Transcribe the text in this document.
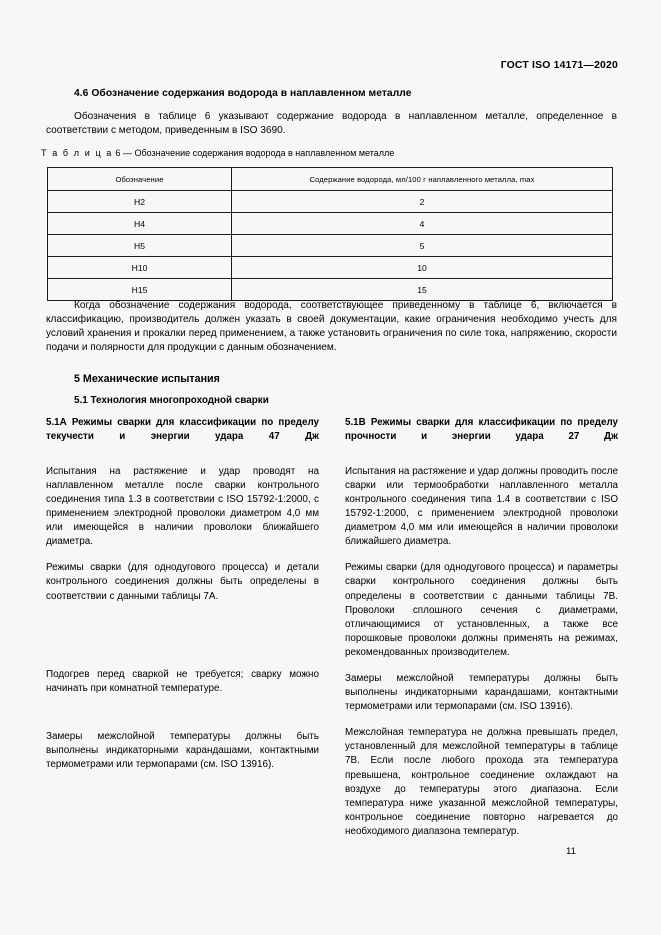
ГОСТ ISO 14171—2020
4.6 Обозначение содержания водорода в наплавленном металле

Обозначения в таблице 6 указывают содержание водорода в наплавленном металле, определенное в соответствии с методом, приведенным в ISO 3690.

Т а б л и ц а 6 — Обозначение содержания водорода в наплавленном металле
Обозначение	Содержание водорода, мл/100 г наплавленного металла, max
H2	2
H4	4
H5	5
H10	10
H15	15

Когда обозначение содержания водорода, соответствующее приведенному в таблице 6, включается в классификацию, производитель должен указать в своей документации, какие ограничения необходимо учесть для условий хранения и прокалки перед применением, а также установить ограничения по силе тока, напряжению, скорости подачи и полярности для продукции с данным обозначением.

5 Механические испытания
5.1 Технология многопроходной сварки

5.1А Режимы сварки для классификации по пределу текучести и энергии удара 47 Дж

Испытания на растяжение и удар проводят на наплавленном металле после сварки контрольного соединения типа 1.3 в соответствии с ISO 15792-1:2000, с применением электродной проволоки диаметром 4,0 мм или имеющейся в наличии проволоки ближайшего диаметра.

Режимы сварки (для однодугового процесса) и детали контрольного соединения должны быть определены в соответствии с данными таблицы 7А.

Подогрев перед сваркой не требуется; сварку можно начинать при комнатной температуре.

Замеры межслойной температуры должны быть выполнены индикаторными карандашами, контактными термометрами или термопарами (см. ISO 13916).

5.1В Режимы сварки для классификации по пределу прочности и энергии удара 27 Дж

Испытания на растяжение и удар должны проводить после сварки или термообработки наплавленного металла контрольного соединения типа 1.4 в соответствии с ISO 15792-1:2000, с применением электродной проволоки диаметром 4,0 мм или имеющейся в наличии проволоки ближайшего диаметра.

Режимы сварки (для однодугового процесса) и параметры сварки контрольного соединения должны быть определены в соответствии с данными таблицы 7В. Проволоки сплошного сечения с диаметрами, отличающимися от установленных, а также все порошковые проволоки должны применять на режимах, рекомендованных производителем.

Замеры межслойной температуры должны быть выполнены индикаторными карандашами, контактными термометрами или термопарами (см. ISO 13916).

Межслойная температура не должна превышать предел, установленный для межслойной температуры в таблице 7В. Если после любого прохода эта температура превышена, контрольное соединение охлаждают на воздухе до температуры этого диапазона. Если температура ниже указанной межслойной температуры, контрольное соединение повторно нагревается до необходимого диапазона температур.

11
